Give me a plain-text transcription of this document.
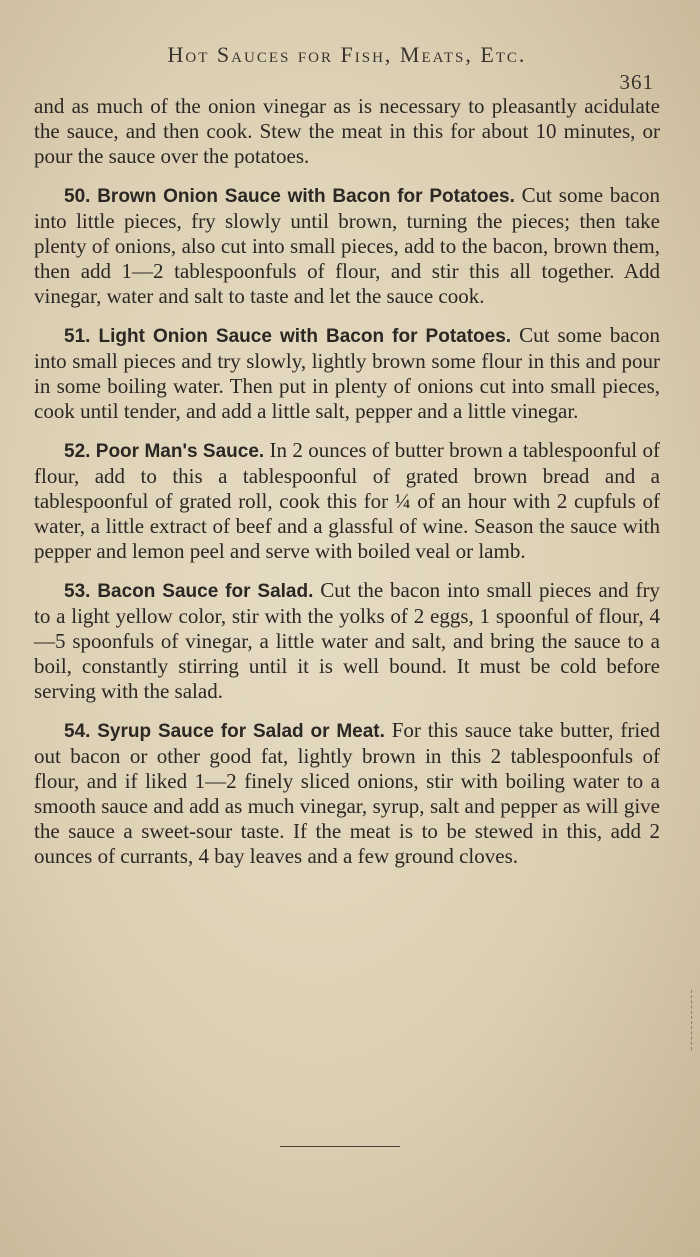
Hot Sauces for Fish, Meats, Etc.
361

and as much of the onion vinegar as is necessary to pleasantly acidulate the sauce, and then cook. Stew the meat in this for about 10 minutes, or pour the sauce over the potatoes.

50. Brown Onion Sauce with Bacon for Potatoes. Cut some bacon into little pieces, fry slowly until brown, turning the pieces; then take plenty of onions, also cut into small pieces, add to the bacon, brown them, then add 1—2 tablespoonfuls of flour, and stir this all together. Add vinegar, water and salt to taste and let the sauce cook.

51. Light Onion Sauce with Bacon for Potatoes. Cut some bacon into small pieces and try slowly, lightly brown some flour in this and pour in some boiling water. Then put in plenty of onions cut into small pieces, cook until tender, and add a little salt, pepper and a little vinegar.

52. Poor Man's Sauce. In 2 ounces of butter brown a tablespoonful of flour, add to this a tablespoonful of grated brown bread and a tablespoonful of grated roll, cook this for ¼ of an hour with 2 cupfuls of water, a little extract of beef and a glassful of wine. Season the sauce with pepper and lemon peel and serve with boiled veal or lamb.

53. Bacon Sauce for Salad. Cut the bacon into small pieces and fry to a light yellow color, stir with the yolks of 2 eggs, 1 spoonful of flour, 4—5 spoonfuls of vinegar, a little water and salt, and bring the sauce to a boil, constantly stirring until it is well bound. It must be cold before serving with the salad.

54. Syrup Sauce for Salad or Meat. For this sauce take butter, fried out bacon or other good fat, lightly brown in this 2 tablespoonfuls of flour, and if liked 1—2 finely sliced onions, stir with boiling water to a smooth sauce and add as much vinegar, syrup, salt and pepper as will give the sauce a sweet-sour taste. If the meat is to be stewed in this, add 2 ounces of currants, 4 bay leaves and a few ground cloves.
